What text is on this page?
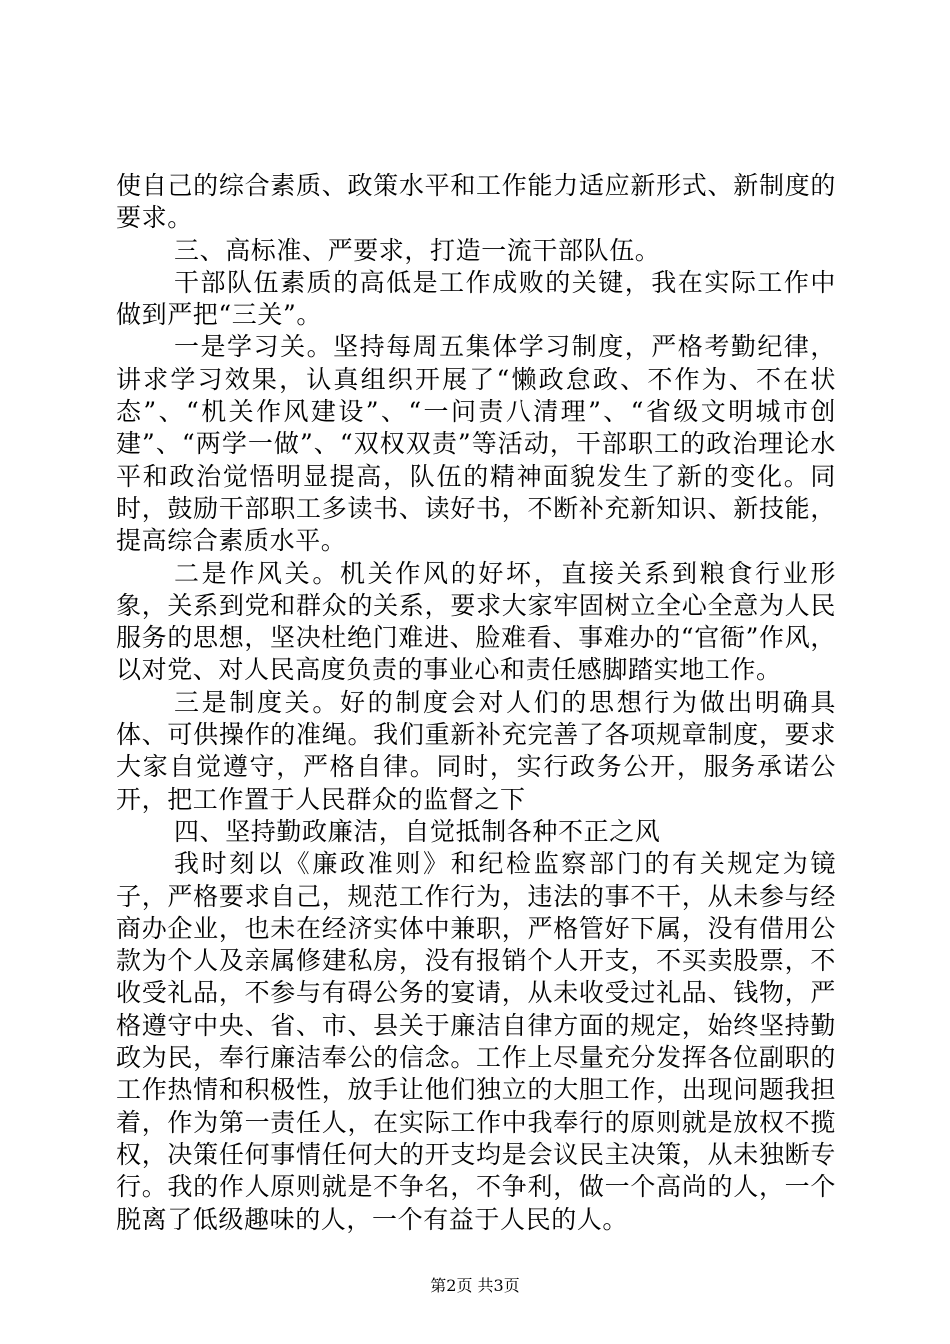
使自己的综合素质、政策水平和工作能力适应新形式、新制度的要求。

三、高标准、严要求，打造一流干部队伍。

干部队伍素质的高低是工作成败的关键，我在实际工作中做到严把“三关”。

一是学习关。坚持每周五集体学习制度，严格考勤纪律，讲求学习效果，认真组织开展了“懒政怠政、不作为、不在状态”、“机关作风建设”、“一问责八清理”、“省级文明城市创建”、“两学一做”、“双权双责”等活动，干部职工的政治理论水平和政治觉悟明显提高，队伍的精神面貌发生了新的变化。同时，鼓励干部职工多读书、读好书，不断补充新知识、新技能，提高综合素质水平。

二是作风关。机关作风的好坏，直接关系到粮食行业形象，关系到党和群众的关系，要求大家牢固树立全心全意为人民服务的思想，坚决杜绝门难进、脸难看、事难办的“官衙”作风，以对党、对人民高度负责的事业心和责任感脚踏实地工作。

三是制度关。好的制度会对人们的思想行为做出明确具体、可供操作的准绳。我们重新补充完善了各项规章制度，要求大家自觉遵守，严格自律。同时，实行政务公开，服务承诺公开，把工作置于人民群众的监督之下

四、坚持勤政廉洁，自觉抵制各种不正之风

我时刻以《廉政准则》和纪检监察部门的有关规定为镜子，严格要求自己，规范工作行为，违法的事不干，从未参与经商办企业，也未在经济实体中兼职，严格管好下属，没有借用公款为个人及亲属修建私房，没有报销个人开支，不买卖股票，不收受礼品，不参与有碍公务的宴请，从未收受过礼品、钱物，严格遵守中央、省、市、县关于廉洁自律方面的规定，始终坚持勤政为民，奉行廉洁奉公的信念。工作上尽量充分发挥各位副职的工作热情和积极性，放手让他们独立的大胆工作，出现问题我担着，作为第一责任人，在实际工作中我奉行的原则就是放权不揽权，决策任何事情任何大的开支均是会议民主决策，从未独断专行。我的作人原则就是不争名，不争利，做一个高尚的人，一个脱离了低级趣味的人，一个有益于人民的人。

第2页 共3页
